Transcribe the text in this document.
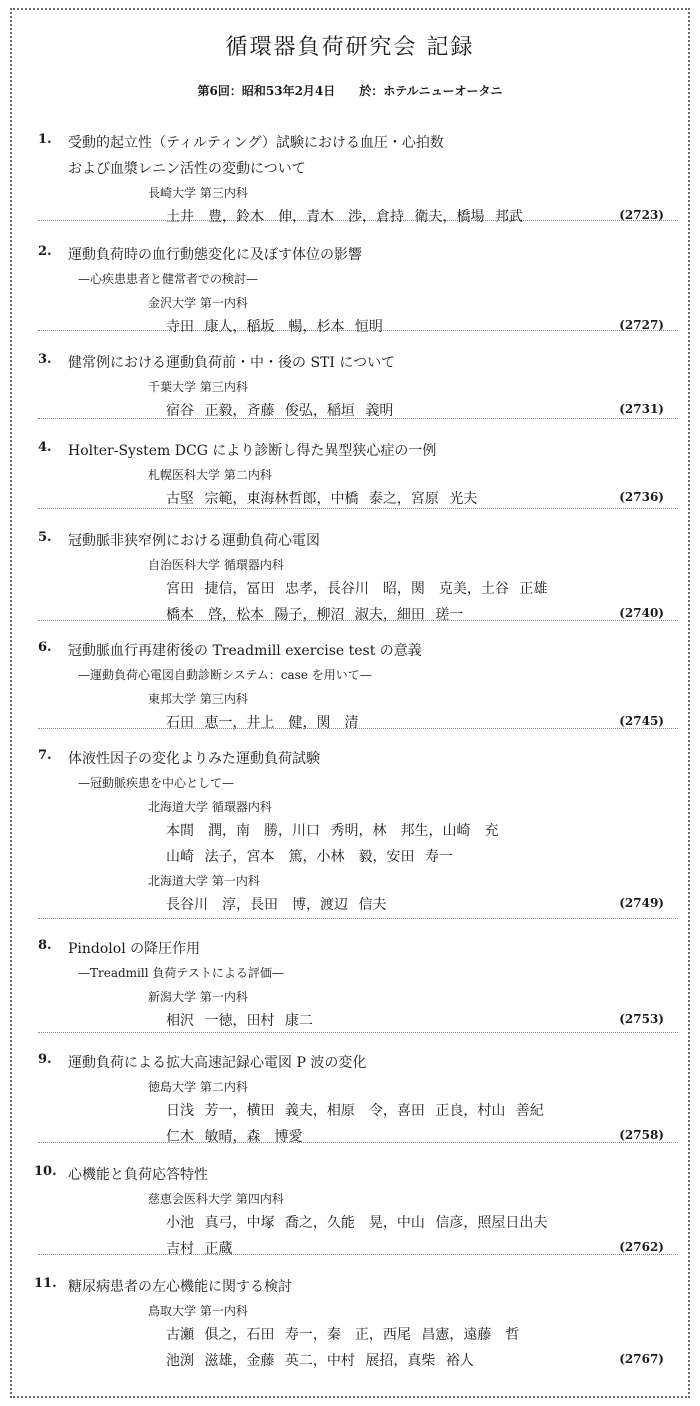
循環器負荷研究会 記録
第6回：昭和53年2月4日　　於：ホテルニューオータニ
1. 受動的起立性（ティルティング）試験における血圧・心拍数
および血漿レニン活性の変動について
長崎大学 第三内科
土井　豊，鈴木　伸，青木　渉，倉持 衛夫，橋場 邦武	(2723)
2. 運動負荷時の血行動態変化に及ぼす体位の影響
—心疾患患者と健常者での検討—
金沢大学 第一内科
寺田 康人，稲坂　暢，杉本 恒明	(2727)
3. 健常例における運動負荷前・中・後の STI について
千葉大学 第三内科
宿谷 正毅，斉藤 俊弘，稲垣 義明	(2731)
4. Holter-System DCG により診断し得た異型狭心症の一例
札幌医科大学 第二内科
古堅 宗範，東海林哲郎，中橋 泰之，宮原 光夫	(2736)
5. 冠動脈非狭窄例における運動負荷心電図
自治医科大学 循環器内科
宮田 捷信，冨田 忠孝，長谷川　昭，関　克美，土谷 正雄
橋本　啓，松本 陽子，柳沼 淑夫，細田 瑳一	(2740)
6. 冠動脈血行再建術後の Treadmill exercise test の意義
—運動負荷心電図自動診断システム：case を用いて—
東邦大学 第三内科
石田 恵一，井上　健，関　清	(2745)
7. 体液性因子の変化よりみた運動負荷試験
—冠動脈疾患を中心として—
北海道大学 循環器内科
本間　潤，南　勝，川口 秀明，林　邦生，山崎　充
山崎 法子，宮本　篤，小林　毅，安田 寿一
北海道大学 第一内科
長谷川　淳，長田　博，渡辺 信夫	(2749)
8. Pindolol の降圧作用
—Treadmill 負荷テストによる評価—
新潟大学 第一内科
相沢 一徳，田村 康二	(2753)
9. 運動負荷による拡大高速記録心電図 P 波の変化
徳島大学 第二内科
日浅 芳一，横田 義夫，相原　令，喜田 正良，村山 善紀
仁木 敏晴，森　博愛	(2758)
10. 心機能と負荷応答特性
慈恵会医科大学 第四内科
小池 真弓，中塚 喬之，久能　晃，中山 信彦，照屋日出夫
吉村 正蔵	(2762)
11. 糖尿病患者の左心機能に関する検討
鳥取大学 第一内科
古瀬 俱之，石田 寿一，秦　正，西尾 昌憲，遠藤　哲
池渕 滋雄，金藤 英二，中村 展招，真柴 裕人	(2767)
